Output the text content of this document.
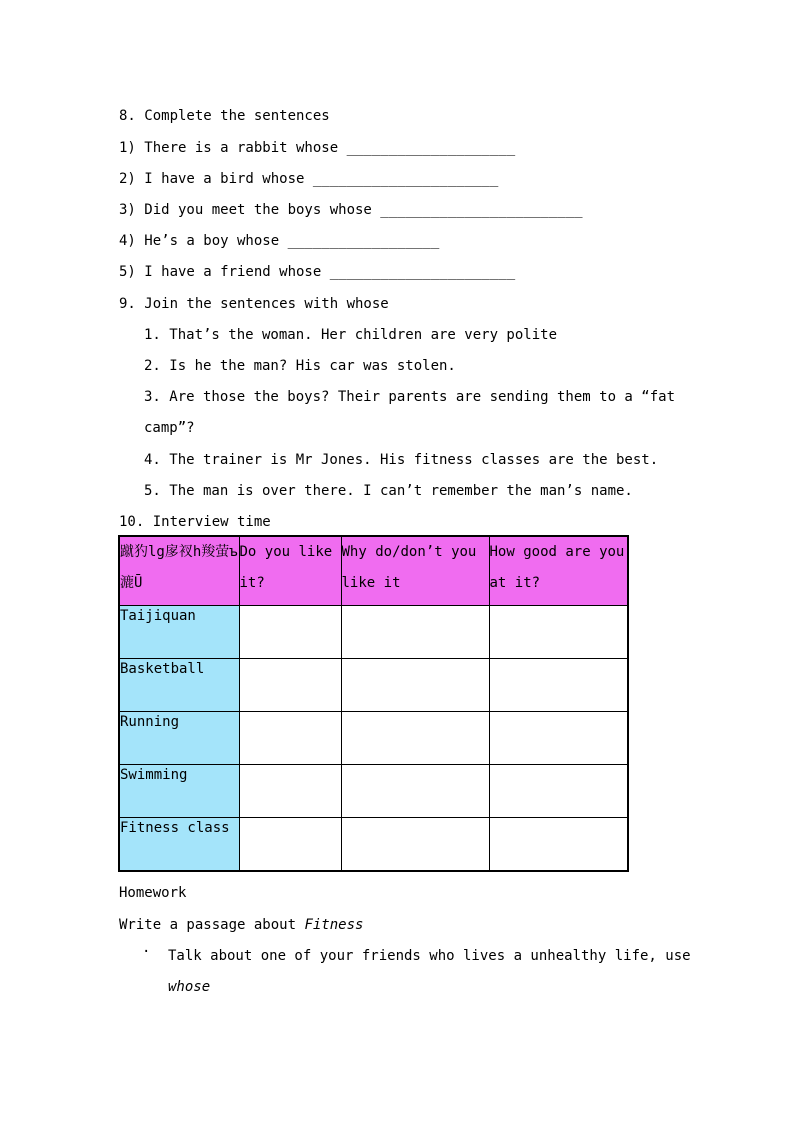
8. Complete the sentences
1) There is a rabbit whose ____________________
2) I have a bird whose ______________________
3) Did you meet the boys whose ________________________
4) He’s a boy whose __________________
5) I have a friend whose ______________________
9. Join the sentences with whose
1. That’s the woman. Her children are very polite
2. Is he the man? His car was stolen.
3. Are those the boys? Their parents are sending them to a “fat
camp”?
4. The trainer is Mr Jones. His fitness classes are the best.
5. The man is over there. I can’t remember the man’s name.
10. Interview time
蹴犳lg扅衩h羧萤ъ漉Ū	Do you like it?	Why do/don’t you like it	How good are you at it?
Taijiquan			
Basketball			
Running			
Swimming			
Fitness class			
Homework
Write a passage about Fitness
· Talk about one of your friends who lives a unhealthy life, use
whose
